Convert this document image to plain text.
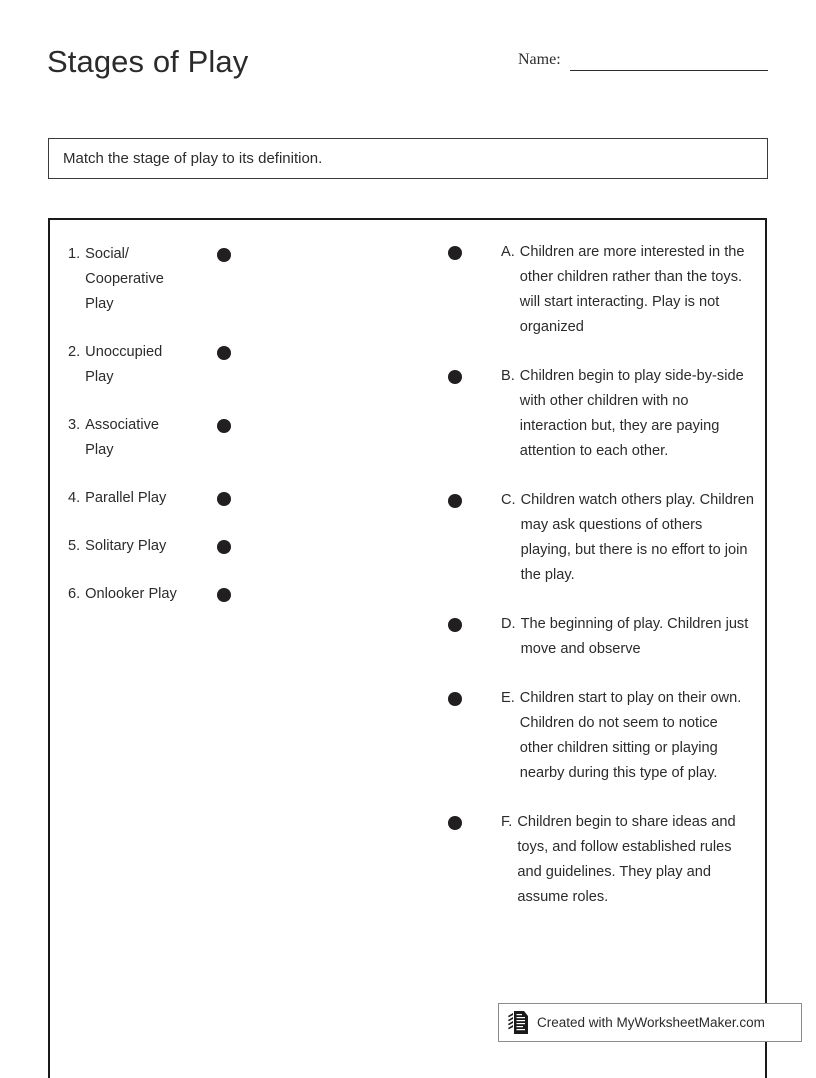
Stages of Play	Name:
Match the stage of play to its definition.
1. Social/ Cooperative Play
2. Unoccupied Play
3. Associative Play
4. Parallel Play
5. Solitary Play
6. Onlooker Play
A. Children are more interested in the other children rather than the toys. will start interacting. Play is not organized
B. Children begin to play side-by-side with other children with no interaction but, they are paying attention to each other.
C. Children watch others play. Children may ask questions of others playing, but there is no effort to join the play.
D. The beginning of play. Children just move and observe
E. Children start to play on their own. Children do not seem to notice other children sitting or playing nearby during this type of play.
F. Children begin to share ideas and toys, and follow established rules and guidelines. They play and assume roles.
Created with MyWorksheetMaker.com
